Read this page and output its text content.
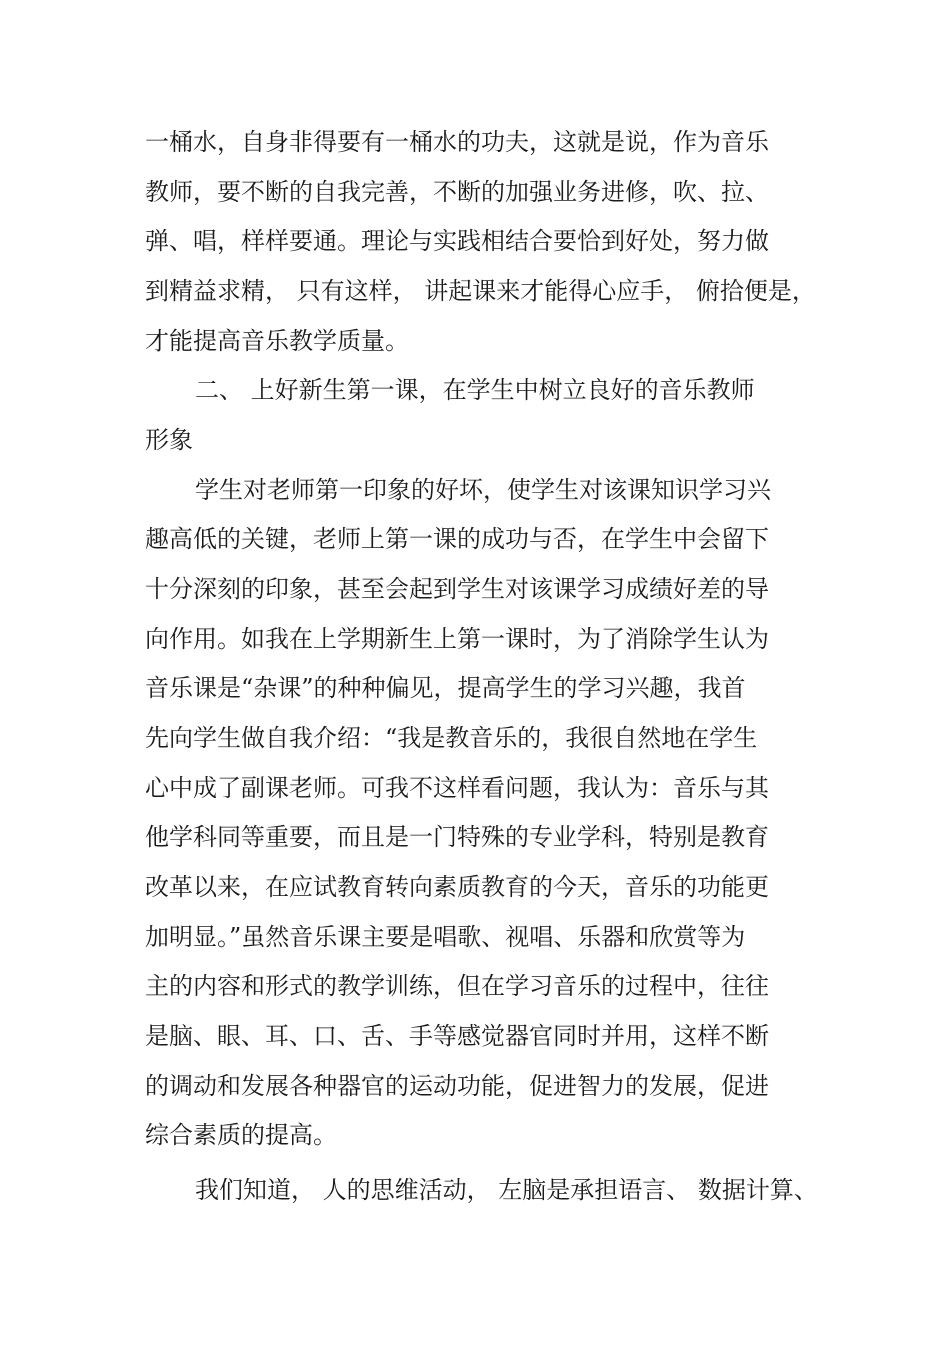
一桶水，自身非得要有一桶水的功夫，这就是说，作为音乐
教师，要不断的自我完善，不断的加强业务进修，吹、拉、
弹、唱，样样要通。理论与实践相结合要恰到好处，努力做
到精益求精， 只有这样， 讲起课来才能得心应手， 俯拾便是，
才能提高音乐教学质量。
二、 上好新生第一课，在学生中树立良好的音乐教师
形象
学生对老师第一印象的好坏，使学生对该课知识学习兴
趣高低的关键，老师上第一课的成功与否，在学生中会留下
十分深刻的印象，甚至会起到学生对该课学习成绩好差的导
向作用。如我在上学期新生上第一课时，为了消除学生认为
音乐课是“杂课”的种种偏见，提高学生的学习兴趣，我首
先向学生做自我介绍：“我是教音乐的，我很自然地在学生
心中成了副课老师。可我不这样看问题，我认为：音乐与其
他学科同等重要，而且是一门特殊的专业学科，特别是教育
改革以来，在应试教育转向素质教育的今天，音乐的功能更
加明显。”虽然音乐课主要是唱歌、视唱、乐器和欣赏等为
主的内容和形式的教学训练，但在学习音乐的过程中，往往
是脑、眼、耳、口、舌、手等感觉器官同时并用，这样不断
的调动和发展各种器官的运动功能，促进智力的发展，促进
综合素质的提高。
我们知道， 人的思维活动， 左脑是承担语言、 数据计算、
